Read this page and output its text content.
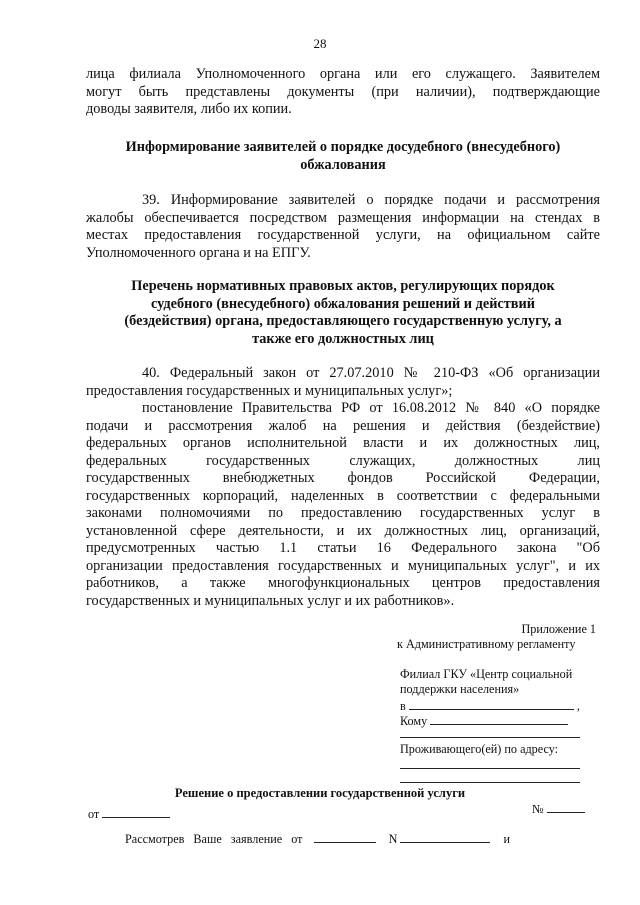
28
лица филиала Уполномоченного органа или его служащего. Заявителем
могут быть представлены документы (при наличии), подтверждающие
доводы заявителя, либо их копии.
Информирование заявителей о порядке досудебного (внесудебного)
обжалования
39. Информирование заявителей о порядке подачи и рассмотрения
жалобы обеспечивается посредством размещения информации на стендах в
местах предоставления государственной услуги, на официальном сайте
Уполномоченного органа и на ЕПГУ.
Перечень нормативных правовых актов, регулирующих порядок
судебного (внесудебного) обжалования решений и действий
(бездействия) органа, предоставляющего государственную услугу, а
также его должностных лиц
40. Федеральный закон от 27.07.2010 № 210-ФЗ «Об организации
предоставления государственных и муниципальных услуг»;
постановление Правительства РФ от 16.08.2012 № 840 «О порядке
подачи и рассмотрения жалоб на решения и действия (бездействие)
федеральных органов исполнительной власти и их должностных лиц,
федеральных государственных служащих, должностных лиц
государственных внебюджетных фондов Российской Федерации,
государственных корпораций, наделенных в соответствии с федеральными
законами полномочиями по предоставлению государственных услуг в
установленной сфере деятельности, и их должностных лиц, организаций,
предусмотренных частью 1.1 статьи 16 Федерального закона "Об
организации предоставления государственных и муниципальных услуг", и их
работников, а также многофункциональных центров предоставления
государственных и муниципальных услуг и их работников».
Приложение 1
к Административному регламенту
Филиал ГКУ «Центр социальной
поддержки населения»
в	,
Кому
Проживающего(ей) по адресу:
Решение о предоставлении государственной услуги
от	№
Рассмотрев Ваше заявление от	N	и
